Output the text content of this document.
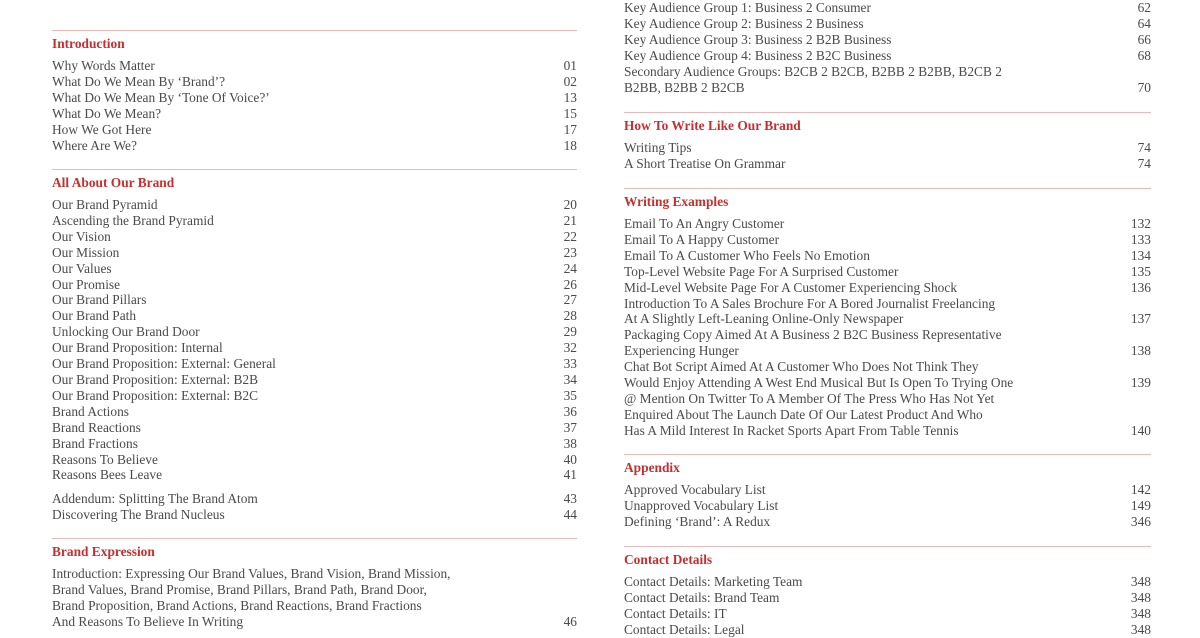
Introduction
Why Words Matter	01
What Do We Mean By ‘Brand’?	02
What Do We Mean By ‘Tone Of Voice?’	13
What Do We Mean?	15
How We Got Here	17
Where Are We?	18
All About Our Brand
Our Brand Pyramid	20
Ascending the Brand Pyramid	21
Our Vision	22
Our Mission	23
Our Values	24
Our Promise	26
Our Brand Pillars	27
Our Brand Path	28
Unlocking Our Brand Door	29
Our Brand Proposition: Internal	32
Our Brand Proposition: External: General	33
Our Brand Proposition: External: B2B	34
Our Brand Proposition: External: B2C	35
Brand Actions	36
Brand Reactions	37
Brand Fractions	38
Reasons To Believe	40
Reasons Bees Leave	41
Addendum: Splitting The Brand Atom	43
Discovering The Brand Nucleus	44
Brand Expression
Introduction: Expressing Our Brand Values, Brand Vision, Brand Mission,
Brand Values, Brand Promise, Brand Pillars, Brand Path, Brand Door,
Brand Proposition, Brand Actions, Brand Reactions, Brand Fractions
And Reasons To Believe In Writing	46
Key Audience Group 1: Business 2 Consumer	62
Key Audience Group 2: Business 2 Business	64
Key Audience Group 3: Business 2 B2B Business	66
Key Audience Group 4: Business 2 B2C Business	68
Secondary Audience Groups: B2CB 2 B2CB, B2BB 2 B2BB, B2CB 2
B2BB, B2BB 2 B2CB	70
How To Write Like Our Brand
Writing Tips	74
A Short Treatise On Grammar	74
Writing Examples
Email To An Angry Customer	132
Email To A Happy Customer	133
Email To A Customer Who Feels No Emotion	134
Top-Level Website Page For A Surprised Customer	135
Mid-Level Website Page For A Customer Experiencing Shock	136
Introduction To A Sales Brochure For A Bored Journalist Freelancing
At A Slightly Left-Leaning Online-Only Newspaper	137
Packaging Copy Aimed At A Business 2 B2C Business Representative
Experiencing Hunger	138
Chat Bot Script Aimed At A Customer Who Does Not Think They
Would Enjoy Attending A West End Musical But Is Open To Trying One	139
@ Mention On Twitter To A Member Of The Press Who Has Not Yet
Enquired About The Launch Date Of Our Latest Product And Who
Has A Mild Interest In Racket Sports Apart From Table Tennis	140
Appendix
Approved Vocabulary List	142
Unapproved Vocabulary List	149
Defining ‘Brand’: A Redux	346
Contact Details
Contact Details: Marketing Team	348
Contact Details: Brand Team	348
Contact Details: IT	348
Contact Details: Legal	348
